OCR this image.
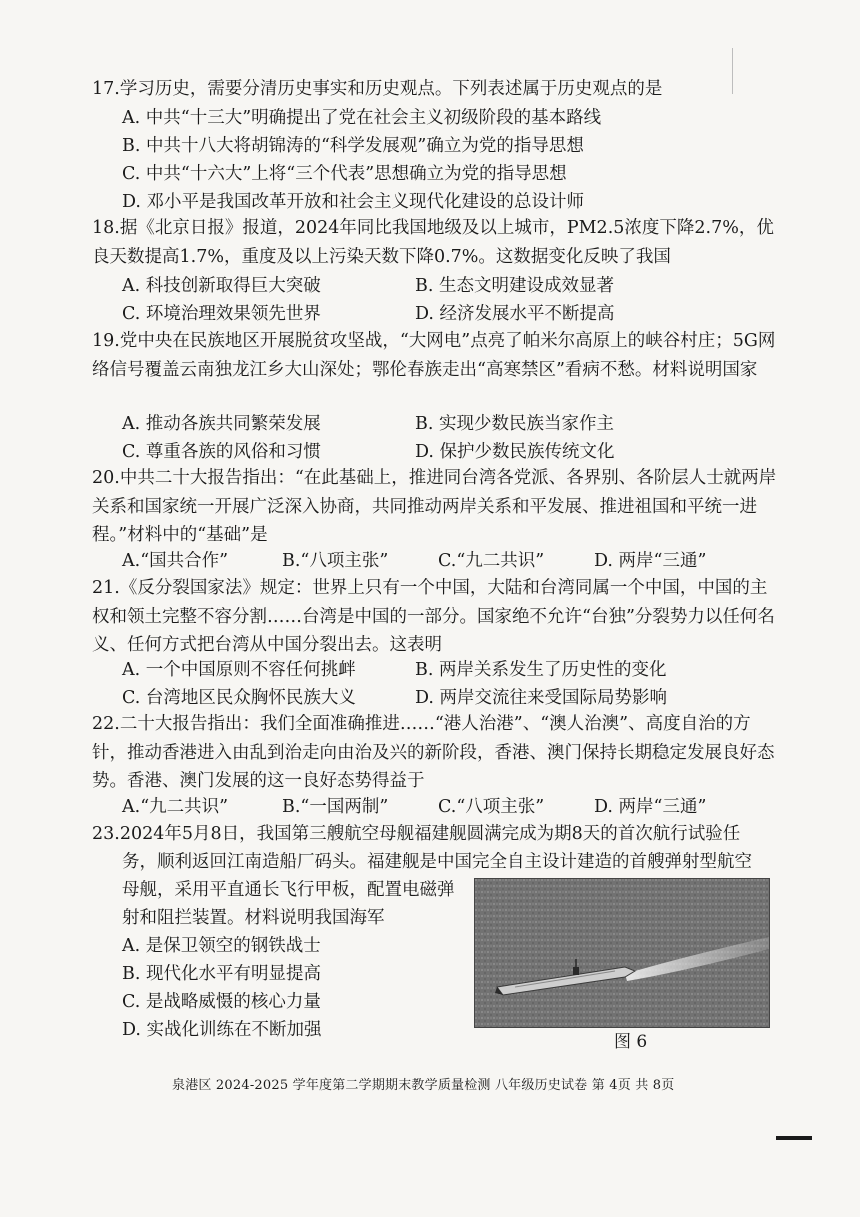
17.学习历史，需要分清历史事实和历史观点。下列表述属于历史观点的是

A. 中共“十三大”明确提出了党在社会主义初级阶段的基本路线
B. 中共十八大将胡锦涛的“科学发展观”确立为党的指导思想
C. 中共“十六大”上将“三个代表”思想确立为党的指导思想
D. 邓小平是我国改革开放和社会主义现代化建设的总设计师

18.据《北京日报》报道，2024年同比我国地级及以上城市，PM2.5浓度下降2.7%，优良天数提高1.7%，重度及以上污染天数下降0.7%。这数据变化反映了我国

A. 科技创新取得巨大突破	B. 生态文明建设成效显著
C. 环境治理效果领先世界	D. 经济发展水平不断提高

19.党中央在民族地区开展脱贫攻坚战，“大网电”点亮了帕米尔高原上的峡谷村庄；5G网络信号覆盖云南独龙江乡大山深处；鄂伦春族走出“高寒禁区”看病不愁。材料说明国家

A. 推动各族共同繁荣发展	B. 实现少数民族当家作主
C. 尊重各族的风俗和习惯	D. 保护少数民族传统文化

20.中共二十大报告指出：“在此基础上，推进同台湾各党派、各界别、各阶层人士就两岸关系和国家统一开展广泛深入协商，共同推动两岸关系和平发展、推进祖国和平统一进程。”材料中的“基础”是

A.“国共合作”	B.“八项主张”	C.“九二共识”	D. 两岸“三通”

21.《反分裂国家法》规定：世界上只有一个中国，大陆和台湾同属一个中国，中国的主权和领土完整不容分割……台湾是中国的一部分。国家绝不允许“台独”分裂势力以任何名义、任何方式把台湾从中国分裂出去。这表明

A. 一个中国原则不容任何挑衅	B. 两岸关系发生了历史性的变化
C. 台湾地区民众胸怀民族大义	D. 两岸交流往来受国际局势影响

22.二十大报告指出：我们全面准确推进……“港人治港”、“澳人治澳”、高度自治的方针，推动香港进入由乱到治走向由治及兴的新阶段，香港、澳门保持长期稳定发展良好态势。香港、澳门发展的这一良好态势得益于

A.“九二共识”	B.“一国两制”	C.“八项主张”	D. 两岸“三通”
23.2024年5月8日，我国第三艘航空母舰福建舰圆满完成为期8天的首次航行试验任
务，顺利返回江南造船厂码头。福建舰是中国完全自主设计建造的首艘弹射型航空
母舰，采用平直通长飞行甲板，配置电磁弹
射和阻拦装置。材料说明我国海军
A. 是保卫领空的钢铁战士
B. 现代化水平有明显提高
C. 是战略威慑的核心力量
D. 实战化训练在不断加强
图 6
泉港区 2024-2025 学年度第二学期期末教学质量检测 八年级历史试卷 第 4页 共 8页
